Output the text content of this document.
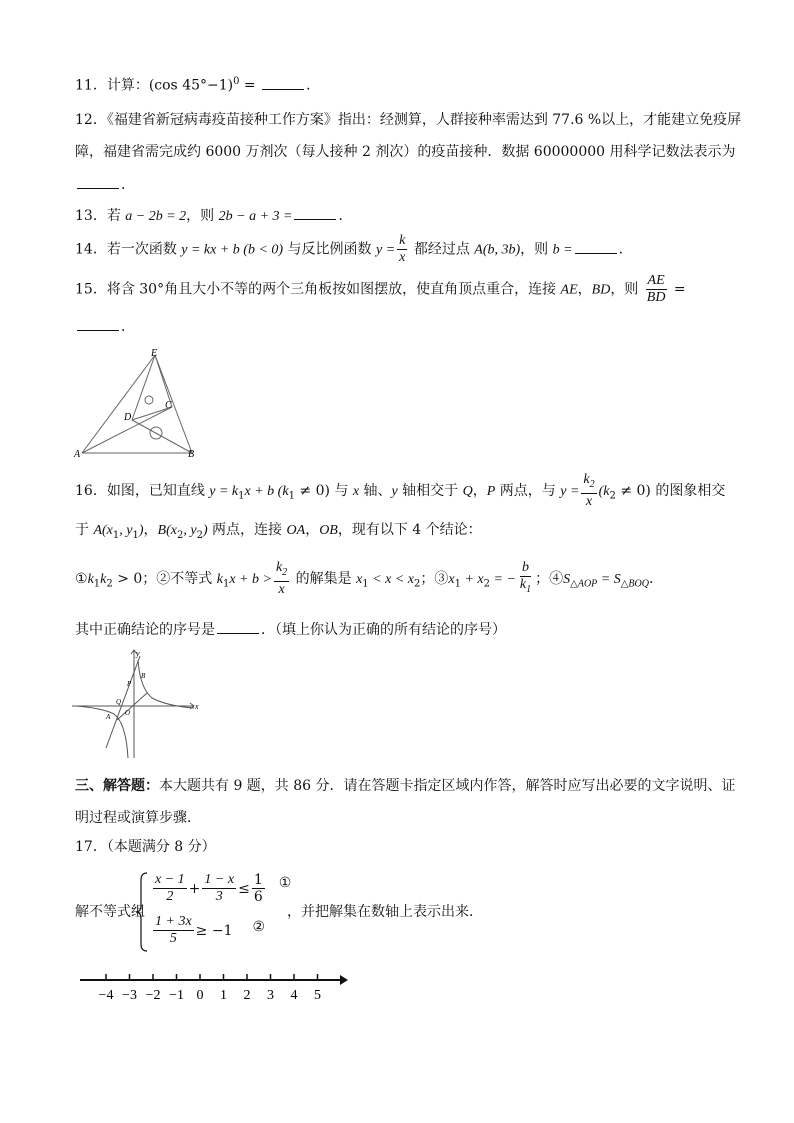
11．计算：(cos 45°−1)$^0$ =	．
12．《福建省新冠病毒疫苗接种工作方案》指出：经测算，人群接种率需达到 77.6 %以上，才能建立免疫屏
障，福建省需完成约 6000 万剂次（每人接种 2 剂次）的疫苗接种．数据 60000000 用科学记数法表示为
．
13．若 a − 2b = 2，则 2b − a + 3 =	．
14．若一次函数 y = kx + b (b < 0) 与反比例函数 $y = \frac{k}{x}$ 都经过点 A(b, 3b)，则 b =	．
15．将含 30°角且大小不等的两个三角板按如图摆放，使直角顶点重合，连接 AE，BD，则 $\frac{AE}{BD}$ =
．
E
D
C
A	B
16．如图，已知直线 $y = k_1x + b$ $(k_1 \ne 0)$ 与 x 轴、y 轴相交于 Q，P 两点，与 $y = \frac{k_2}{x} (k_2 \ne 0)$ 的图象相交
于 $A(x_1$, $y_1$)，$B(x_2$, $y_2$) 两点，连接 OA，OB，现有以下 4 个结论：
$①k_1k_2 > 0$；②不等式 $k_1x + b > \frac{k_2}{x}$ 的解集是 $x_1 < x < x_2$；$③x_1 + x_2$ = − $\frac{b}{k_1}$ ；$④S_{\triangle AOP} = S_{\triangle BOQ}$．
其中正确结论的序号是	．（填上你认为正确的所有结论的序号）
y
x
B
P
Q
O
A
三、解答题：本大题共有 9 题，共 86 分．请在答题卡指定区域内作答，解答时应写出必要的文字说明、证
明过程或演算步骤．
17．（本题满分 8 分）
解不等式组
$\frac{x - 1}{2} + \frac{1 - x}{3} \le \frac{1}{6}$ ①
$\frac{1 + 3x}{5} \ge -1$ ②
，并把解集在数轴上表示出来．
−4 −3 −2 −1 0 1 2 3 4 5
